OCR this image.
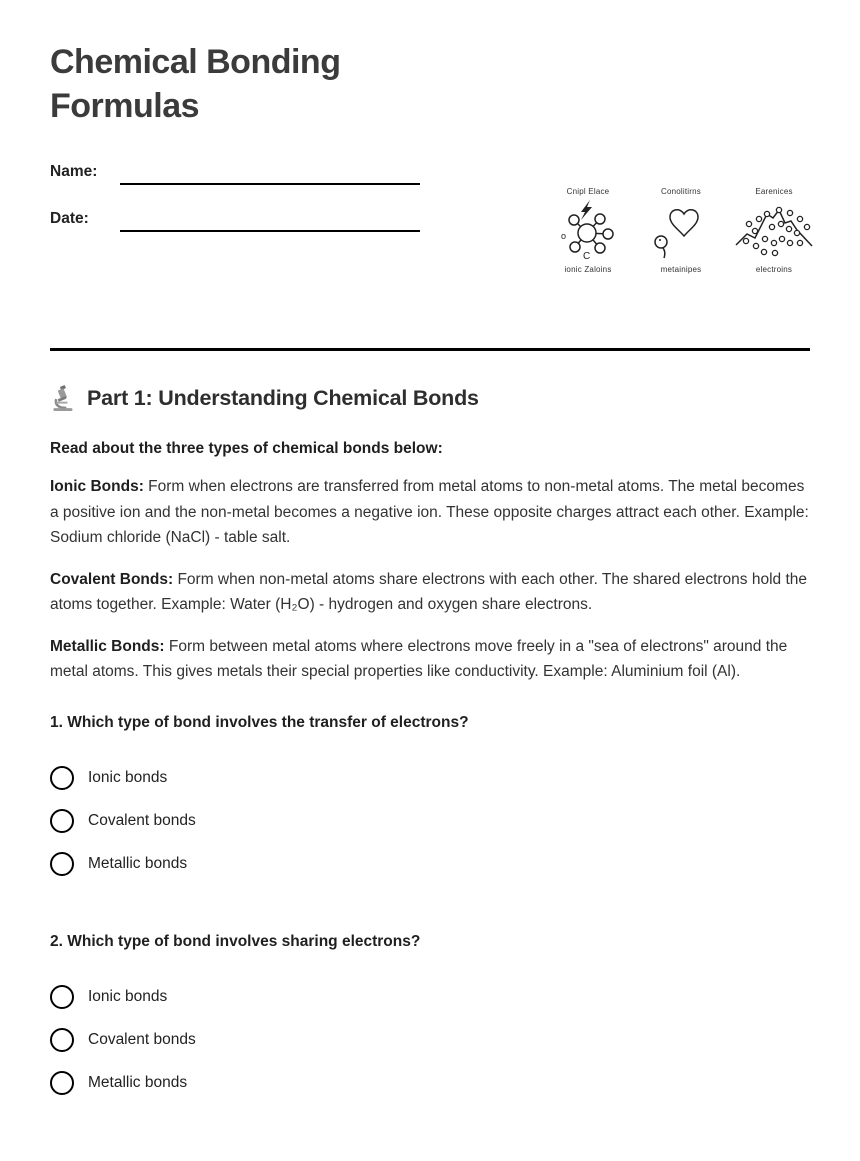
Cnipl Elace
o
C
ionic Zaloins
Conolitirns
metainipes
Earenices
electroins
Chemical Bonding Formulas
Name:
Date:
Part 1: Understanding Chemical Bonds

Read about the three types of chemical bonds below:

Ionic Bonds: Form when electrons are transferred from metal atoms to non-metal atoms. The metal becomes a positive ion and the non-metal becomes a negative ion. These opposite charges attract each other. Example: Sodium chloride (NaCl) - table salt.

Covalent Bonds: Form when non-metal atoms share electrons with each other. The shared electrons hold the atoms together. Example: Water (H₂O) - hydrogen and oxygen share electrons.

Metallic Bonds: Form between metal atoms where electrons move freely in a "sea of electrons" around the metal atoms. This gives metals their special properties like conductivity. Example: Aluminium foil (Al).

1. Which type of bond involves the transfer of electrons?

Ionic bonds
Covalent bonds
Metallic bonds

2. Which type of bond involves sharing electrons?

Ionic bonds
Covalent bonds
Metallic bonds
